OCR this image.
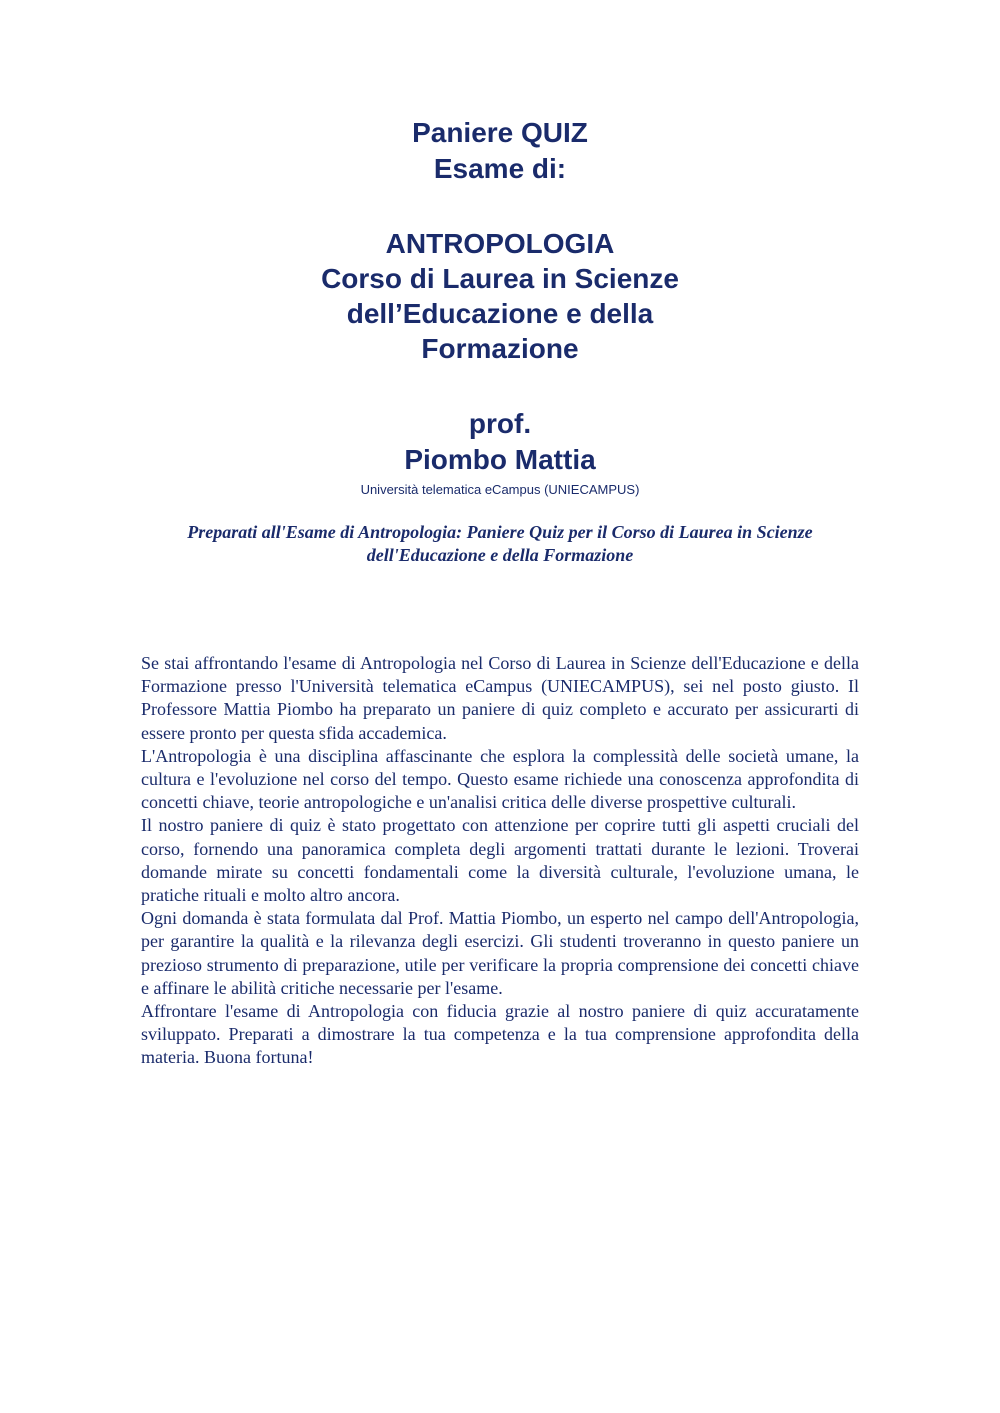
Paniere QUIZ
Esame di:
ANTROPOLOGIA
Corso di Laurea in Scienze
dell’Educazione e della
Formazione
prof.
Piombo Mattia
Università telematica eCampus (UNIECAMPUS)
Preparati all'Esame di Antropologia: Paniere Quiz per il Corso di Laurea in Scienze
dell'Educazione e della Formazione

Se stai affrontando l'esame di Antropologia nel Corso di Laurea in Scienze dell'Educazione e della Formazione presso l'Università telematica eCampus (UNIECAMPUS), sei nel posto giusto. Il Professore Mattia Piombo ha preparato un paniere di quiz completo e accurato per assicurarti di essere pronto per questa sfida accademica.

L'Antropologia è una disciplina affascinante che esplora la complessità delle società umane, la cultura e l'evoluzione nel corso del tempo. Questo esame richiede una conoscenza approfondita di concetti chiave, teorie antropologiche e un'analisi critica delle diverse prospettive culturali.

Il nostro paniere di quiz è stato progettato con attenzione per coprire tutti gli aspetti cruciali del corso, fornendo una panoramica completa degli argomenti trattati durante le lezioni. Troverai domande mirate su concetti fondamentali come la diversità culturale, l'evoluzione umana, le pratiche rituali e molto altro ancora.

Ogni domanda è stata formulata dal Prof. Mattia Piombo, un esperto nel campo dell'Antropologia, per garantire la qualità e la rilevanza degli esercizi. Gli studenti troveranno in questo paniere un prezioso strumento di preparazione, utile per verificare la propria comprensione dei concetti chiave e affinare le abilità critiche necessarie per l'esame.

Affrontare l'esame di Antropologia con fiducia grazie al nostro paniere di quiz accuratamente sviluppato. Preparati a dimostrare la tua competenza e la tua comprensione approfondita della materia. Buona fortuna!
